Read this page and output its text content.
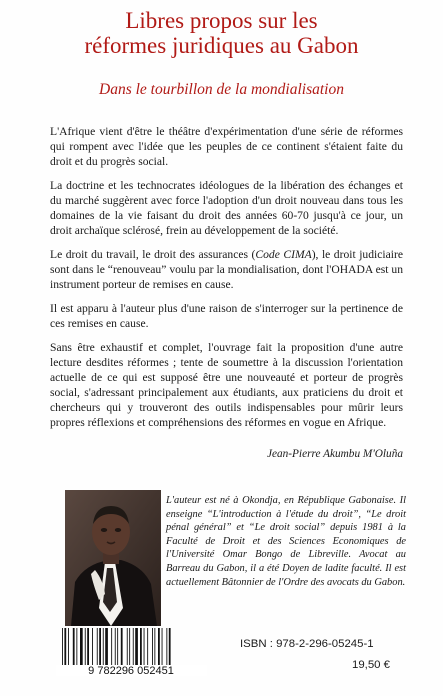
Libres propos sur les
réformes juridiques au Gabon
Dans le tourbillon de la mondialisation

L'Afrique vient d'être le théâtre d'expérimentation d'une série de réformes qui rompent avec l'idée que les peuples de ce continent s'étaient faite du droit et du progrès social.

La doctrine et les technocrates idéologues de la libération des échanges et du marché suggèrent avec force l'adoption d'un droit nouveau dans tous les domaines de la vie faisant du droit des années 60-70 jusqu'à ce jour, un droit archaïque sclérosé, frein au développement de la société.

Le droit du travail, le droit des assurances (Code CIMA), le droit judiciaire sont dans le “renouveau” voulu par la mondialisation, dont l'OHADA est un instrument porteur de remises en cause.

Il est apparu à l'auteur plus d'une raison de s'interroger sur la pertinence de ces remises en cause.

Sans être exhaustif et complet, l'ouvrage fait la proposition d'une autre lecture desdites réformes ; tente de soumettre à la discussion l'orientation actuelle de ce qui est supposé être une nouveauté et porteur de progrès social, s'adressant principalement aux étudiants, aux praticiens du droit et chercheurs qui y trouveront des outils indispensables pour mûrir leurs propres réflexions et compréhensions des réformes en vogue en Afrique.

Jean-Pierre Akumbu M'Oluña
L'auteur est né à Okondja, en République Gabonaise. Il enseigne “L'introduction à l'étude du droit”, “Le droit pénal général” et “Le droit social” depuis 1981 à la Faculté de Droit et des Sciences Economiques de l'Université Omar Bongo de Libreville. Avocat au Barreau du Gabon, il a été Doyen de ladite faculté. Il est actuellement Bâtonnier de l'Ordre des avocats du Gabon.
9 782296 052451
ISBN : 978-2-296-05245-1
19,50 €
